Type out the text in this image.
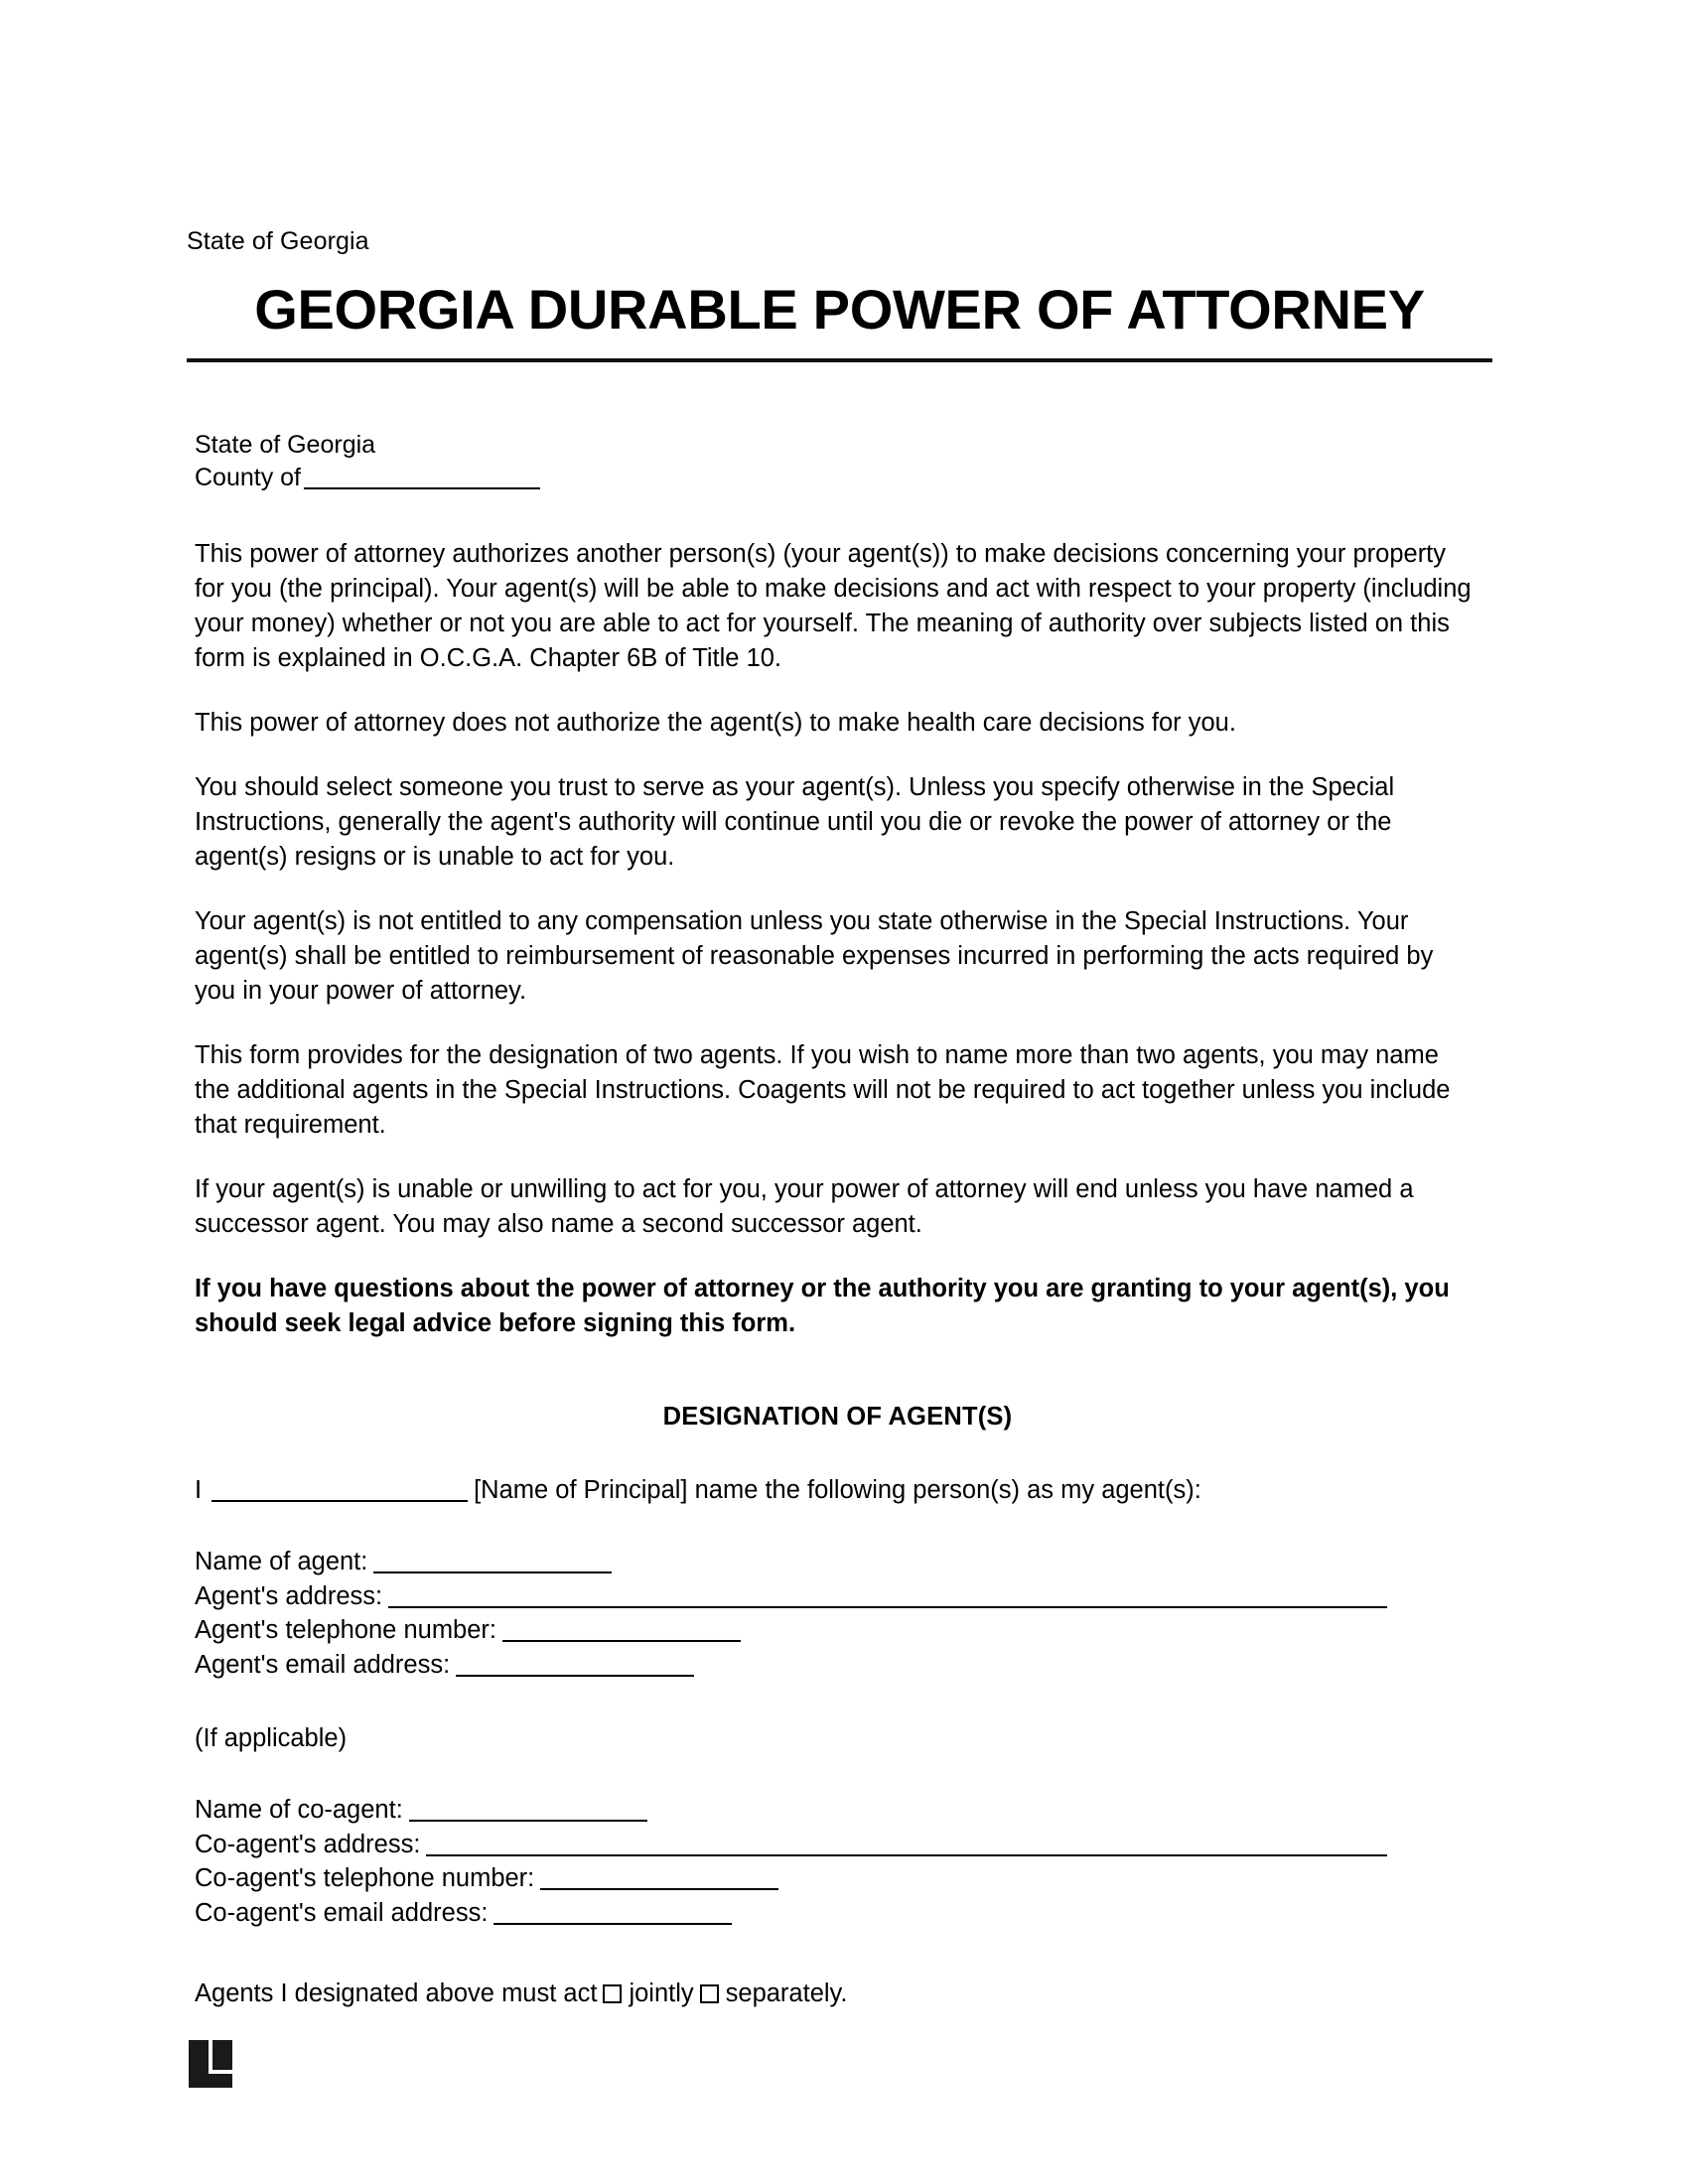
State of Georgia
GEORGIA DURABLE POWER OF ATTORNEY
State of Georgia
County of

This power of attorney authorizes another person(s) (your agent(s)) to make decisions concerning your property for you (the principal). Your agent(s) will be able to make decisions and act with respect to your property (including your money) whether or not you are able to act for yourself. The meaning of authority over subjects listed on this form is explained in O.C.G.A. Chapter 6B of Title 10.

This power of attorney does not authorize the agent(s) to make health care decisions for you.

You should select someone you trust to serve as your agent(s). Unless you specify otherwise in the Special Instructions, generally the agent's authority will continue until you die or revoke the power of attorney or the agent(s) resigns or is unable to act for you.

Your agent(s) is not entitled to any compensation unless you state otherwise in the Special Instructions. Your agent(s) shall be entitled to reimbursement of reasonable expenses incurred in performing the acts required by you in your power of attorney.

This form provides for the designation of two agents. If you wish to name more than two agents, you may name the additional agents in the Special Instructions. Coagents will not be required to act together unless you include that requirement.

If your agent(s) is unable or unwilling to act for you, your power of attorney will end unless you have named a successor agent. You may also name a second successor agent.

If you have questions about the power of attorney or the authority you are granting to your agent(s), you should seek legal advice before signing this form.

DESIGNATION OF AGENT(S)
I	[Name of Principal] name the following person(s) as my agent(s):
Name of agent:
Agent's address:
Agent's telephone number:
Agent's email address:
(If applicable)
Name of co-agent:
Co-agent's address:
Co-agent's telephone number:
Co-agent's email address:
Agents I designated above must act jointly separately.
